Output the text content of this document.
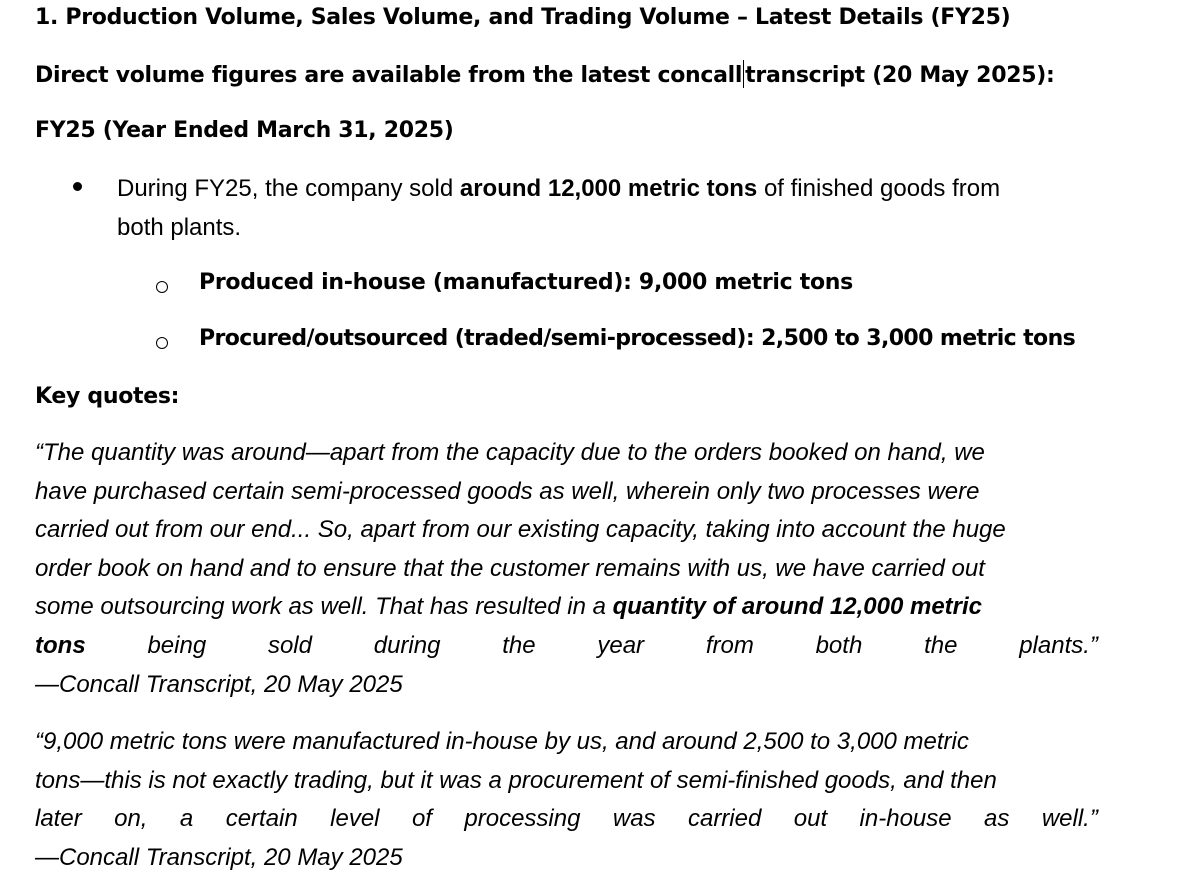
1. Production Volume, Sales Volume, and Trading Volume – Latest Details (FY25)
Direct volume figures are available from the latest concall transcript (20 May 2025):
FY25 (Year Ended March 31, 2025)
During FY25, the company sold around 12,000 metric tons of finished goods from
both plants.
Produced in-house (manufactured): 9,000 metric tons
Procured/outsourced (traded/semi-processed): 2,500 to 3,000 metric tons
Key quotes:
“The quantity was around—apart from the capacity due to the orders booked on hand, we
have purchased certain semi-processed goods as well, wherein only two processes were
carried out from our end... So, apart from our existing capacity, taking into account the huge
order book on hand and to ensure that the customer remains with us, we have carried out
some outsourcing work as well. That has resulted in a quantity of around 12,000 metric
tons	being	sold	during	the	year	from	both	the	plants.”
—Concall Transcript, 20 May 2025
“9,000 metric tons were manufactured in-house by us, and around 2,500 to 3,000 metric
tons—this is not exactly trading, but it was a procurement of semi-finished goods, and then
later on, a certain level of processing was carried out in-house as well.”
—Concall Transcript, 20 May 2025
